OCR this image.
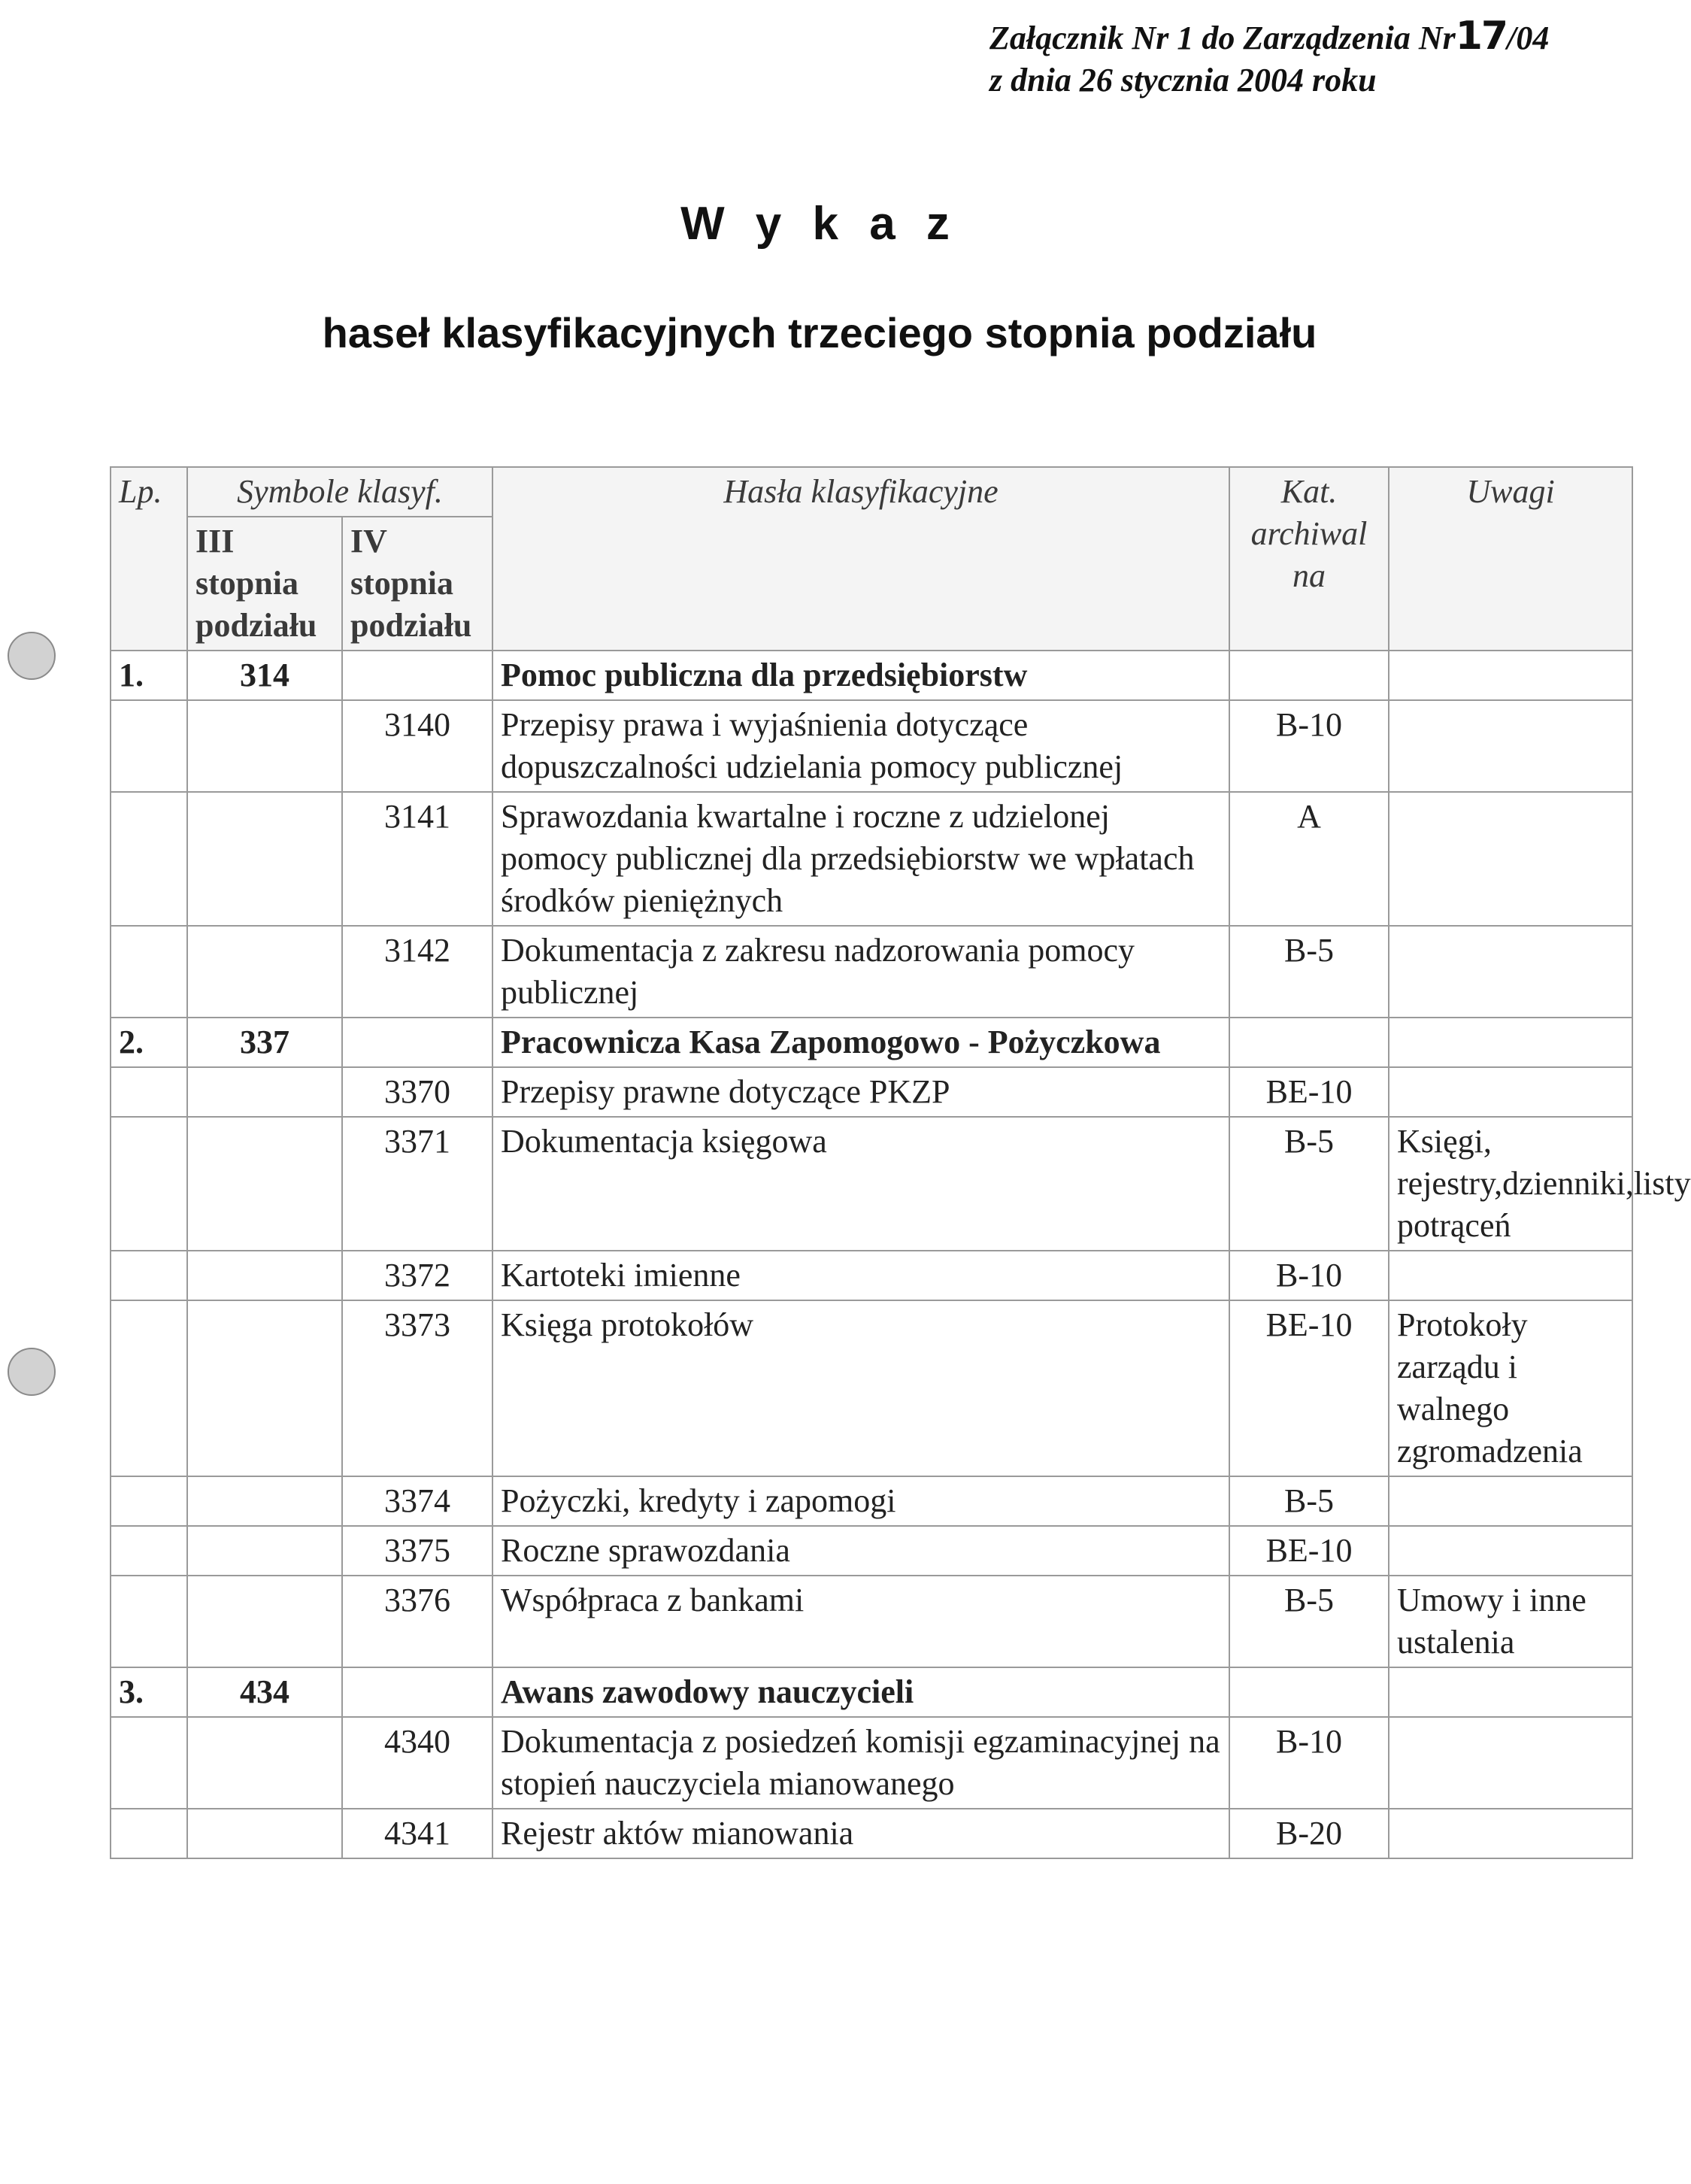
Załącznik Nr 1 do Zarządzenia Nr17/04
z dnia 26 stycznia 2004 roku
W y k a z
haseł klasyfikacyjnych trzeciego stopnia podziału
Lp.	Symbole klasyf.		Hasła klasyfikacyjne	Kat. archiwal na	Uwagi
	III stopnia podziału	IV stopnia podziału			
1.	314		Pomoc publiczna dla przedsiębiorstw		
		3140	Przepisy prawa i wyjaśnienia dotyczące dopuszczalności udzielania pomocy publicznej	B-10	
		3141	Sprawozdania kwartalne i roczne z udzielonej pomocy publicznej dla przedsiębiorstw we wpłatach środków pieniężnych	A	
		3142	Dokumentacja z zakresu nadzorowania pomocy publicznej	B-5	
2.	337		Pracownicza Kasa Zapomogowo - Pożyczkowa		
		3370	Przepisy prawne dotyczące PKZP	BE-10	
		3371	Dokumentacja księgowa	B-5	Księgi, rejestry,dzienniki,listy potrąceń
		3372	Kartoteki imienne	B-10	
		3373	Księga protokołów	BE-10	Protokoły zarządu i walnego zgromadzenia
		3374	Pożyczki, kredyty i zapomogi	B-5	
		3375	Roczne sprawozdania	BE-10	
		3376	Współpraca z bankami	B-5	Umowy i inne ustalenia
3.	434		Awans zawodowy nauczycieli		
		4340	Dokumentacja z posiedzeń komisji egzaminacyjnej na stopień nauczyciela mianowanego	B-10	
		4341	Rejestr aktów mianowania	B-20	
